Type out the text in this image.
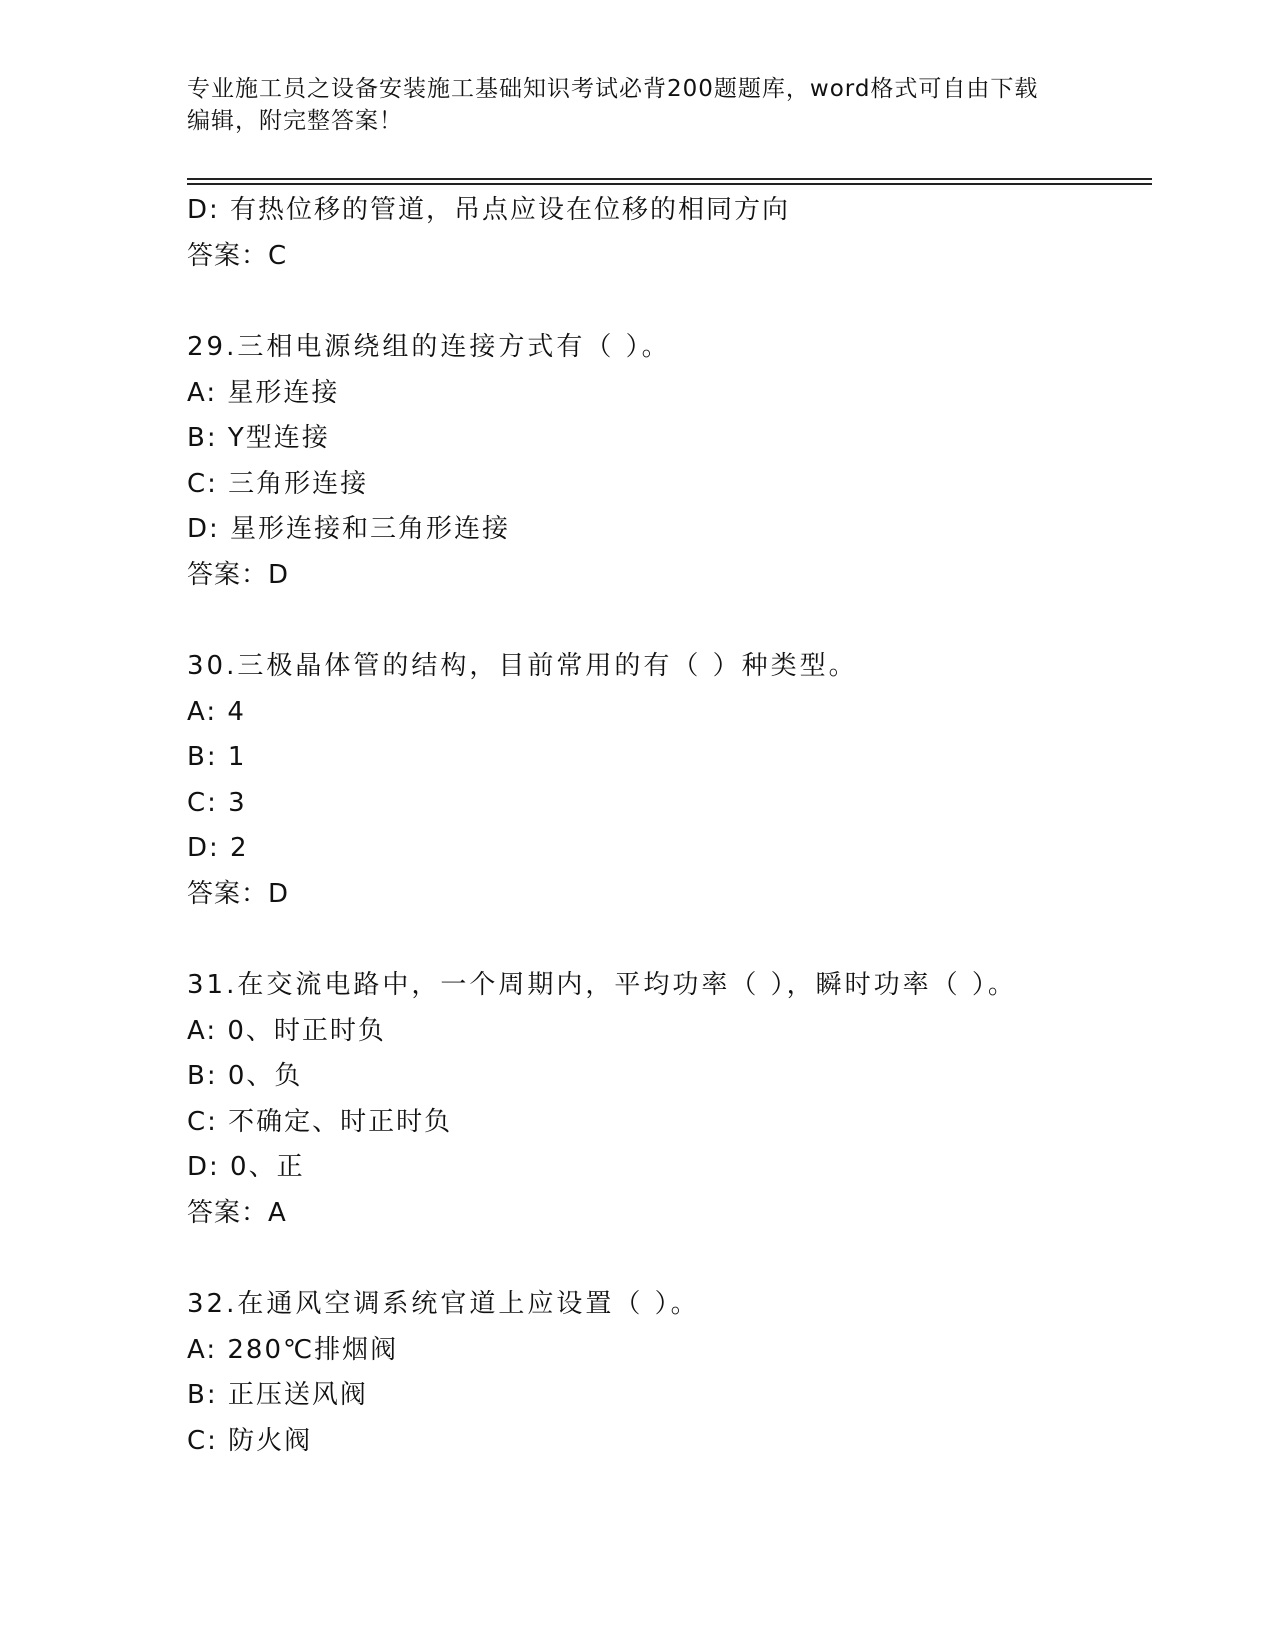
专业施工员之设备安装施工基础知识考试必背200题题库，word格式可自由下载
编辑，附完整答案！
D: 有热位移的管道，吊点应设在位移的相同方向
答案：C
29.三相电源绕组的连接方式有（ ）。
A: 星形连接
B: Y型连接
C: 三角形连接
D: 星形连接和三角形连接
答案：D
30.三极晶体管的结构，目前常用的有（ ）种类型。
A: 4
B: 1
C: 3
D: 2
答案：D
31.在交流电路中，一个周期内，平均功率（ ），瞬时功率（ ）。
A: 0、时正时负
B: 0、负
C: 不确定、时正时负
D: 0、正
答案：A
32.在通风空调系统官道上应设置（ ）。
A: 280℃排烟阀
B: 正压送风阀
C: 防火阀
